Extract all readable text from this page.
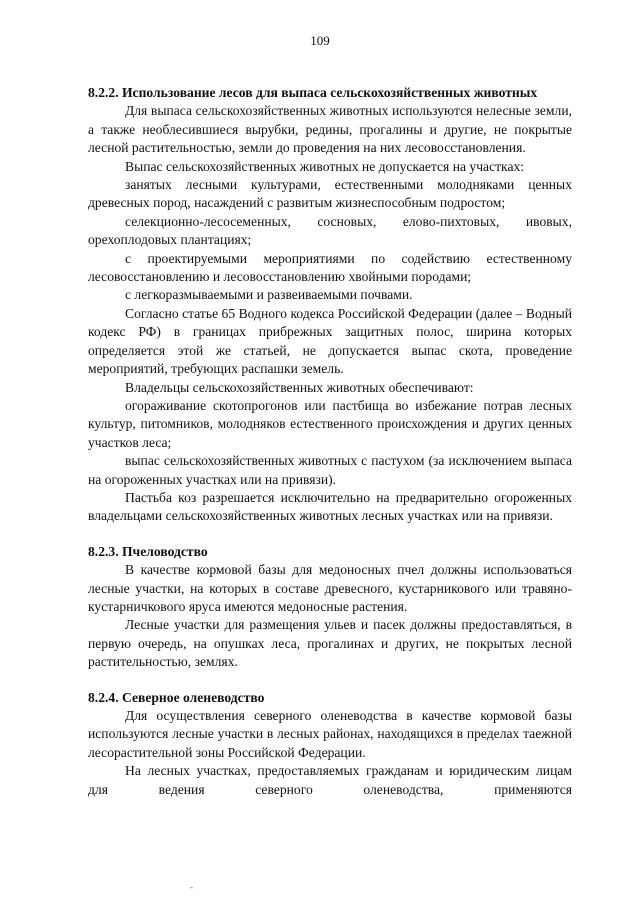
109

8.2.2. Использование лесов для выпаса сельскохозяйственных животных

Для выпаса сельскохозяйственных животных используются нелесные земли, а также необлесившиеся вырубки, редины, прогалины и другие, не покрытые лесной растительностью, земли до проведения на них лесовосстановления.

Выпас сельскохозяйственных животных не допускается на участках:

занятых лесными культурами, естественными молодняками ценных древесных пород, насаждений с развитым жизнеспособным подростом;

селекционно-лесосеменных, сосновых, елово-пихтовых, ивовых, орехоплодовых плантациях;

с проектируемыми мероприятиями по содействию естественному лесовосстановлению и лесовосстановлению хвойными породами;

с легкоразмываемыми и развеиваемыми почвами.

Согласно статье 65 Водного кодекса Российской Федерации (далее – Водный кодекс РФ) в границах прибрежных защитных полос, ширина которых определяется этой же статьей, не допускается выпас скота, проведение мероприятий, требующих распашки земель.

Владельцы сельскохозяйственных животных обеспечивают:

огораживание скотопрогонов или пастбища во избежание потрав лесных культур, питомников, молодняков естественного происхождения и других ценных участков леса;

выпас сельскохозяйственных животных с пастухом (за исключением выпаса на огороженных участках или на привязи).

Пастьба коз разрешается исключительно на предварительно огороженных владельцами сельскохозяйственных животных лесных участках или на привязи.

8.2.3. Пчеловодство

В качестве кормовой базы для медоносных пчел должны использоваться лесные участки, на которых в составе древесного, кустарникового или травяно-кустарничкового яруса имеются медоносные растения.

Лесные участки для размещения ульев и пасек должны предоставляться, в первую очередь, на опушках леса, прогалинах и других, не покрытых лесной растительностью, землях.

8.2.4. Северное оленеводство

Для осуществления северного оленеводства в качестве кормовой базы используются лесные участки в лесных районах, находящихся в пределах таежной лесорастительной зоны Российской Федерации.

На лесных участках, предоставляемых гражданам и юридическим лицам для ведения северного оленеводства, применяются

-
